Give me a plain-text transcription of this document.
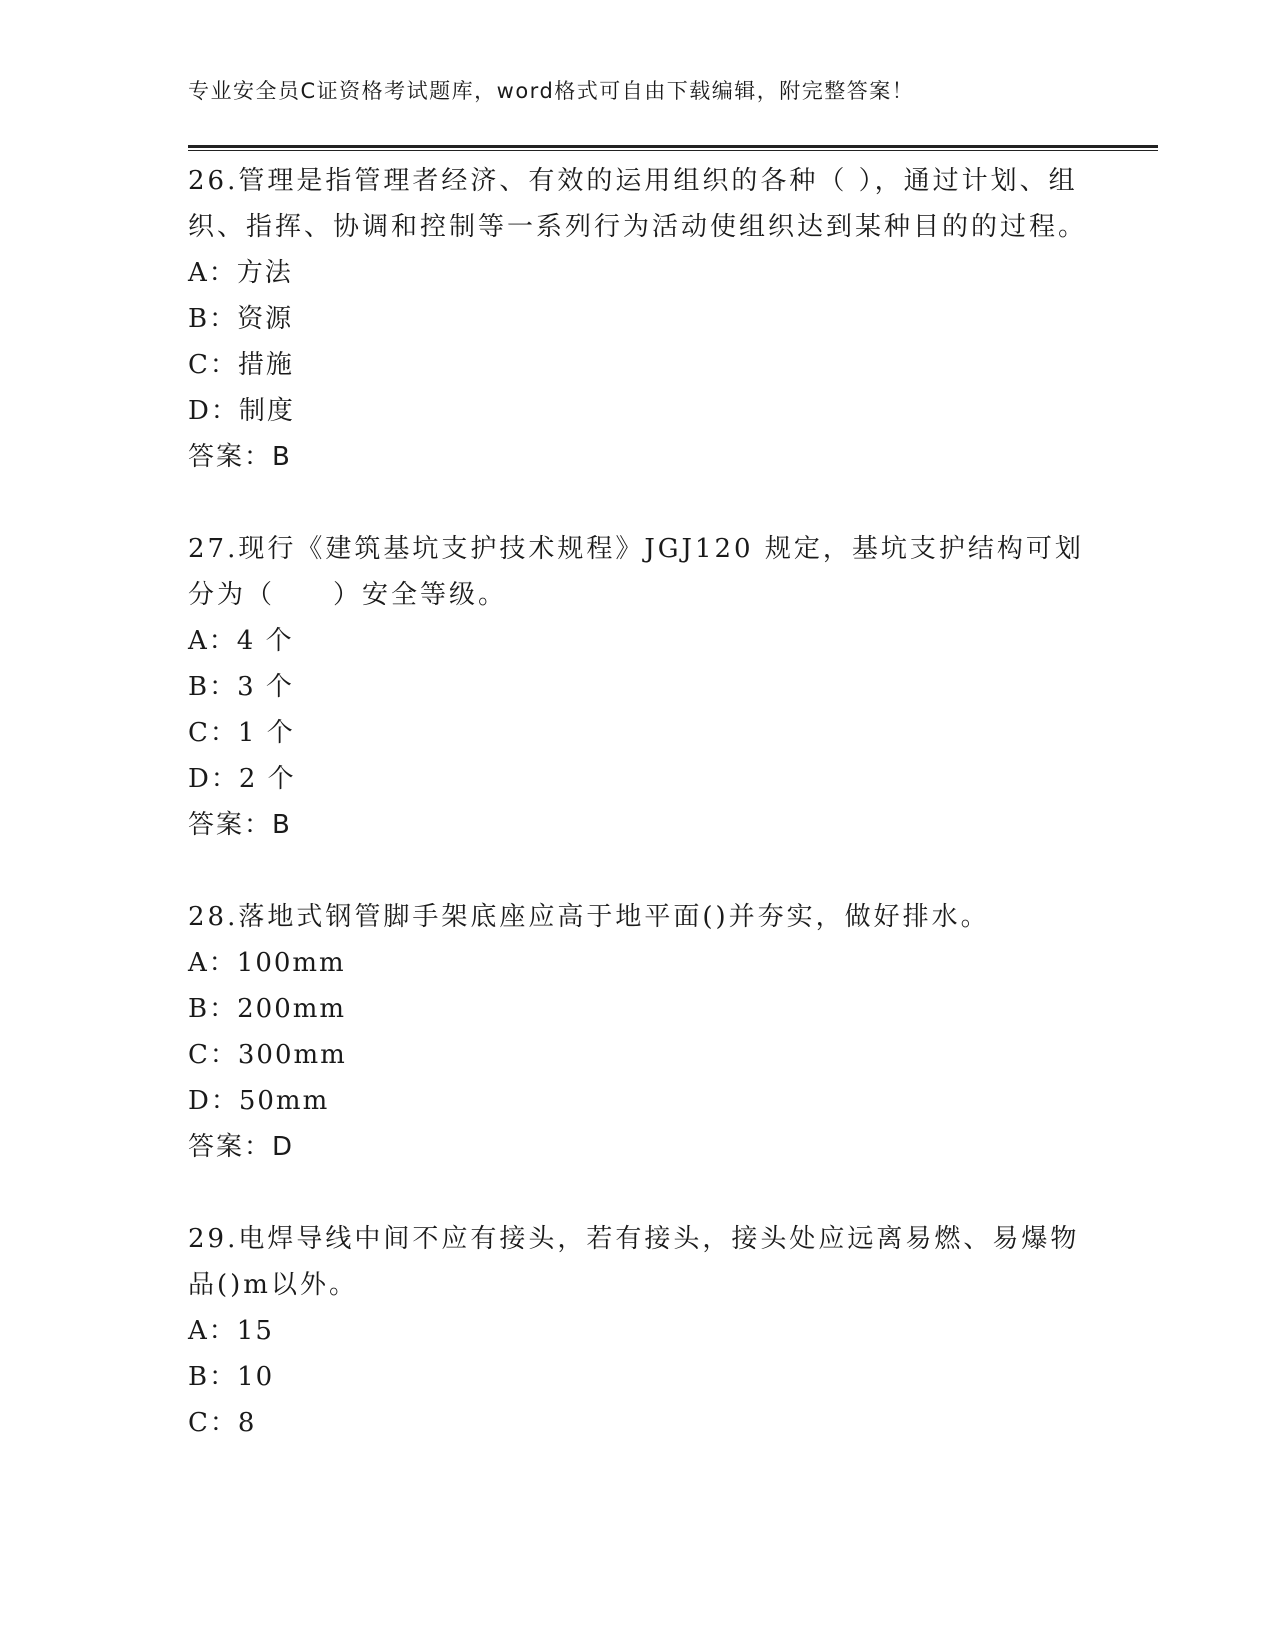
专业安全员C证资格考试题库，word格式可自由下载编辑，附完整答案！

26.管理是指管理者经济、有效的运用组织的各种（ ），通过计划、组织、指挥、协调和控制等一系列行为活动使组织达到某种目的的过程。

A：方法

B：资源

C：措施

D：制度

答案：B

27.现行《建筑基坑支护技术规程》JGJ120 规定，基坑支护结构可划分为（　　）安全等级。

A：4 个

B：3 个

C：1 个

D：2 个

答案：B

28.落地式钢管脚手架底座应高于地平面()并夯实，做好排水。

A：100mm

B：200mm

C：300mm

D：50mm

答案：D

29.电焊导线中间不应有接头，若有接头，接头处应远离易燃、易爆物品()m以外。

A：15

B：10

C：8
